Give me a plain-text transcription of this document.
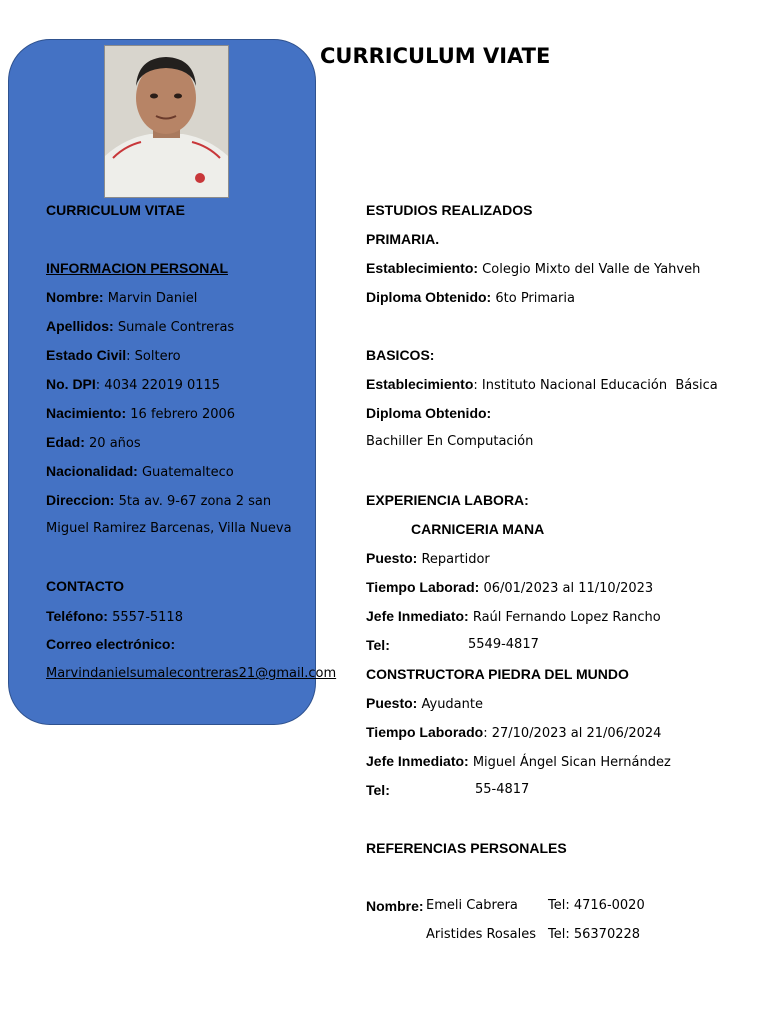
CURRICULUM VIATE
CURRICULUM VITAE
INFORMACION PERSONAL
Nombre: Marvin Daniel
Apellidos: Sumale Contreras
Estado Civil: Soltero
No. DPI: 4034 22019 0115
Nacimiento: 16 febrero 2006
Edad: 20 años
Nacionalidad: Guatemalteco
Direccion: 5ta av. 9-67 zona 2 san
Miguel Ramirez Barcenas, Villa Nueva
CONTACTO
Teléfono: 5557-5118
Correo electrónico:
Marvindanielsumalecontreras21@gmail.com
ESTUDIOS REALIZADOS
PRIMARIA.
Establecimiento: Colegio Mixto del Valle de Yahveh
Diploma Obtenido: 6to Primaria
BASICOS:
Establecimiento: Instituto Nacional Educación  Básica
Diploma Obtenido:
Bachiller En Computación
EXPERIENCIA LABORA:
CARNICERIA MANA
Puesto: Repartidor
Tiempo Laborad: 06/01/2023 al 11/10/2023
Jefe Inmediato: Raúl Fernando Lopez Rancho
Tel:	5549-4817
CONSTRUCTORA PIEDRA DEL MUNDO
Puesto: Ayudante
Tiempo Laborado: 27/10/2023 al 21/06/2024
Jefe Inmediato: Miguel Ángel Sican Hernández
Tel:	55-4817
REFERENCIAS PERSONALES
Nombre: Emeli Cabrera Tel: 4716-0020
Aristides Rosales Tel: 56370228
